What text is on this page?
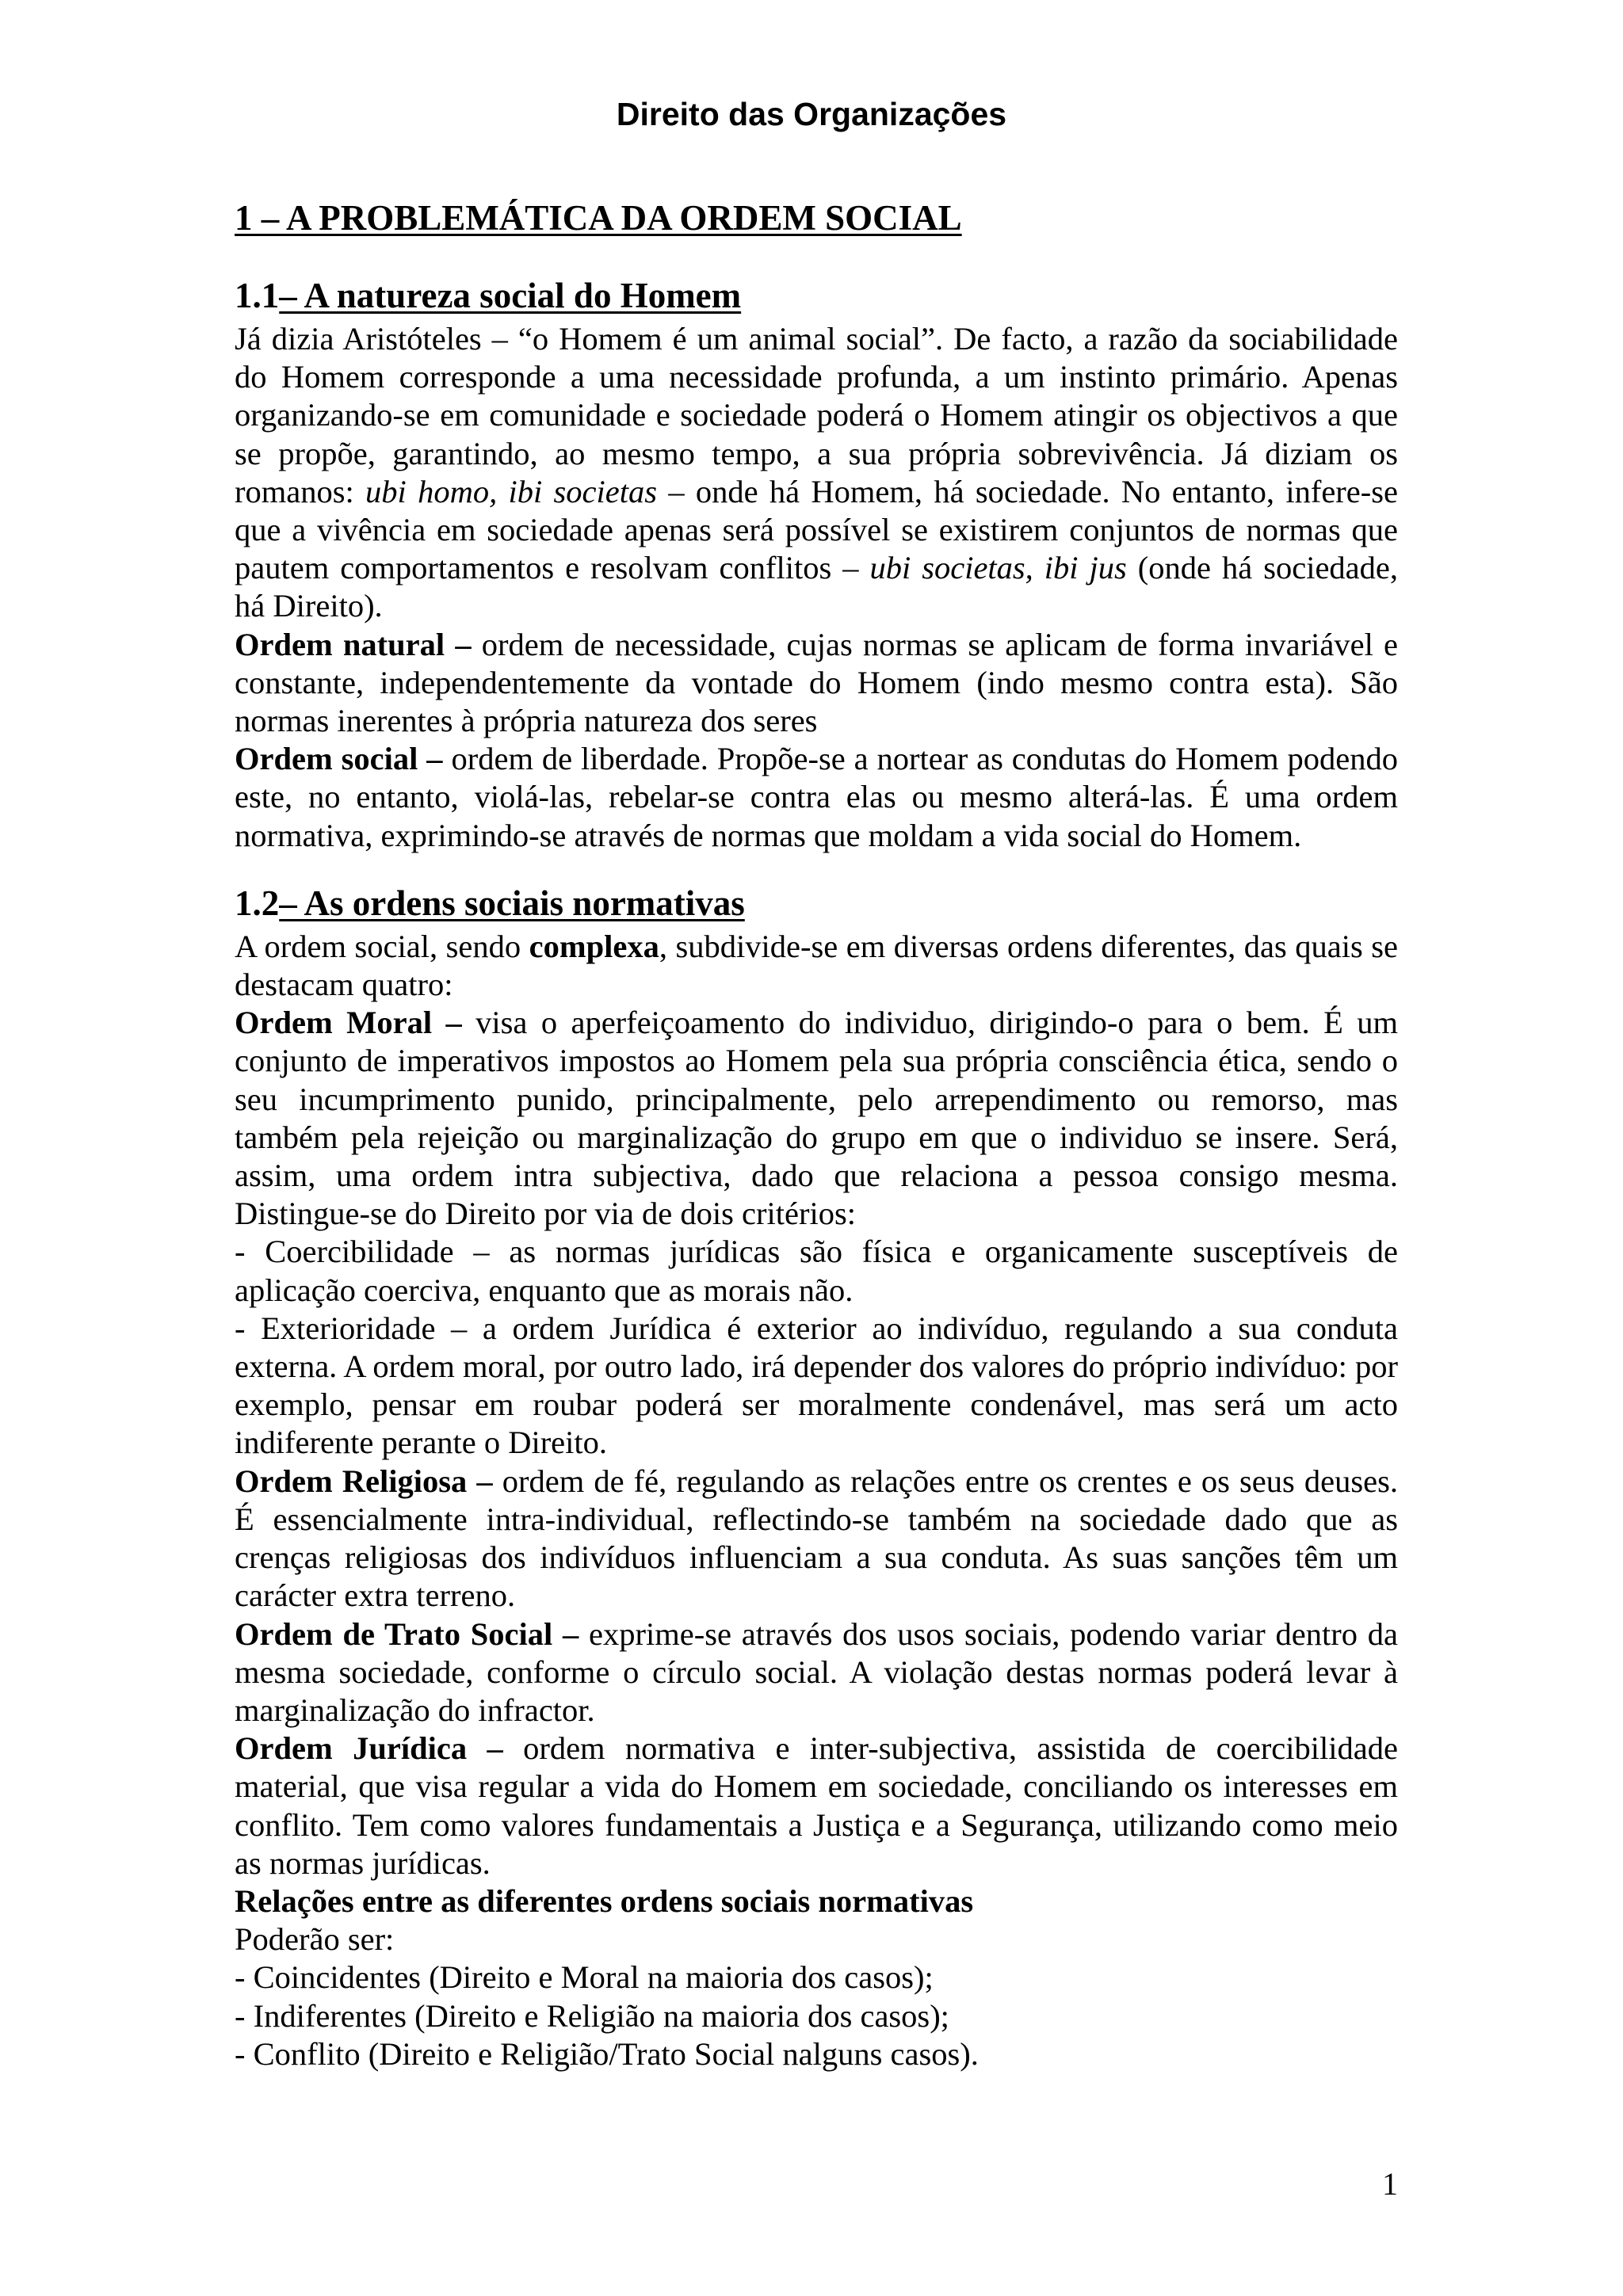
Direito das Organizações
1 – A PROBLEMÁTICA DA ORDEM SOCIAL
1.1– A natureza social do Homem

Já dizia Aristóteles – “o Homem é um animal social”. De facto, a razão da sociabilidade do Homem corresponde a uma necessidade profunda, a um instinto primário. Apenas organizando-se em comunidade e sociedade poderá o Homem atingir os objectivos a que se propõe, garantindo, ao mesmo tempo, a sua própria sobrevivência. Já diziam os romanos: ubi homo, ibi societas – onde há Homem, há sociedade. No entanto, infere-se que a vivência em sociedade apenas será possível se existirem conjuntos de normas que pautem comportamentos e resolvam conflitos – ubi societas, ibi jus (onde há sociedade, há Direito).

Ordem natural – ordem de necessidade, cujas normas se aplicam de forma invariável e constante, independentemente da vontade do Homem (indo mesmo contra esta). São normas inerentes à própria natureza dos seres

Ordem social – ordem de liberdade. Propõe-se a nortear as condutas do Homem podendo este, no entanto, violá-las, rebelar-se contra elas ou mesmo alterá-las. É uma ordem normativa, exprimindo-se através de normas que moldam a vida social do Homem.

1.2– As ordens sociais normativas

A ordem social, sendo complexa, subdivide-se em diversas ordens diferentes, das quais se destacam quatro:

Ordem Moral – visa o aperfeiçoamento do individuo, dirigindo-o para o bem. É um conjunto de imperativos impostos ao Homem pela sua própria consciência ética, sendo o seu incumprimento punido, principalmente, pelo arrependimento ou remorso, mas também pela rejeição ou marginalização do grupo em que o individuo se insere. Será, assim, uma ordem intra subjectiva, dado que relaciona a pessoa consigo mesma. Distingue-se do Direito por via de dois critérios:

- Coercibilidade – as normas jurídicas são física e organicamente susceptíveis de aplicação coerciva, enquanto que as morais não.

- Exterioridade – a ordem Jurídica é exterior ao indivíduo, regulando a sua conduta externa. A ordem moral, por outro lado, irá depender dos valores do próprio indivíduo: por exemplo, pensar em roubar poderá ser moralmente condenável, mas será um acto indiferente perante o Direito.

Ordem Religiosa – ordem de fé, regulando as relações entre os crentes e os seus deuses. É essencialmente intra-individual, reflectindo-se também na sociedade dado que as crenças religiosas dos indivíduos influenciam a sua conduta. As suas sanções têm um carácter extra terreno.

Ordem de Trato Social – exprime-se através dos usos sociais, podendo variar dentro da mesma sociedade, conforme o círculo social. A violação destas normas poderá levar à marginalização do infractor.

Ordem Jurídica – ordem normativa e inter-subjectiva, assistida de coercibilidade material, que visa regular a vida do Homem em sociedade, conciliando os interesses em conflito. Tem como valores fundamentais a Justiça e a Segurança, utilizando como meio as normas jurídicas.

Relações entre as diferentes ordens sociais normativas

Poderão ser:

- Coincidentes (Direito e Moral na maioria dos casos);

- Indiferentes (Direito e Religião na maioria dos casos);

- Conflito (Direito e Religião/Trato Social nalguns casos).

1
